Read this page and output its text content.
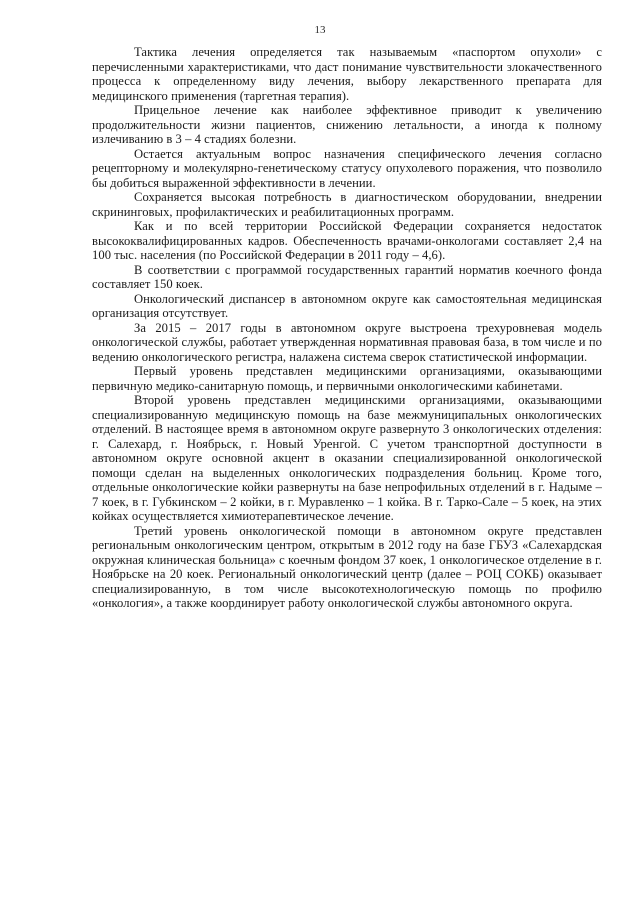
13

Тактика лечения определяется так называемым «паспортом опухоли» с перечисленными характеристиками, что даст понимание чувствительности злокачественного процесса к определенному виду лечения, выбору лекарственного препарата для медицинского применения (таргетная терапия).

Прицельное лечение как наиболее эффективное приводит к увеличению продолжительности жизни пациентов, снижению летальности, а иногда к полному излечиванию в 3 – 4 стадиях болезни.

Остается актуальным вопрос назначения специфического лечения согласно рецепторному и молекулярно-генетическому статусу опухолевого поражения, что позволило бы добиться выраженной эффективности в лечении.

Сохраняется высокая потребность в диагностическом оборудовании, внедрении скрининговых, профилактических и реабилитационных программ.

Как и по всей территории Российской Федерации сохраняется недостаток высококвалифицированных кадров. Обеспеченность врачами-онкологами составляет 2,4 на 100 тыс. населения (по Российской Федерации в 2011 году – 4,6).

В соответствии с программой государственных гарантий норматив коечного фонда составляет 150 коек.

Онкологический диспансер в автономном округе как самостоятельная медицинская организация отсутствует.

За 2015 – 2017 годы в автономном округе выстроена трехуровневая модель онкологической службы, работает утвержденная нормативная правовая база, в том числе и по ведению онкологического регистра, налажена система сверок статистической информации.

Первый уровень представлен медицинскими организациями, оказывающими первичную медико-санитарную помощь, и первичными онкологическими кабинетами.

Второй уровень представлен медицинскими организациями, оказывающими специализированную медицинскую помощь на базе межмуниципальных онкологических отделений. В настоящее время в автономном округе развернуто 3 онкологических отделения: г. Салехард, г. Ноябрьск, г. Новый Уренгой. С учетом транспортной доступности в автономном округе основной акцент в оказании специализированной онкологической помощи сделан на выделенных онкологических подразделения больниц. Кроме того, отдельные онкологические койки развернуты на базе непрофильных отделений в г. Надыме – 7 коек, в г. Губкинском – 2 койки, в г. Муравленко – 1 койка. В г. Тарко-Сале – 5 коек, на этих койках осуществляется химиотерапевтическое лечение.

Третий уровень онкологической помощи в автономном округе представлен региональным онкологическим центром, открытым в 2012 году на базе ГБУЗ «Салехардская окружная клиническая больница» с коечным фондом 37 коек, 1 онкологическое отделение в г. Ноябрьске на 20 коек. Региональный онкологический центр (далее – РОЦ СОКБ) оказывает специализированную, в том числе высокотехнологическую помощь по профилю «онкология», а также координирует работу онкологической службы автономного округа.
